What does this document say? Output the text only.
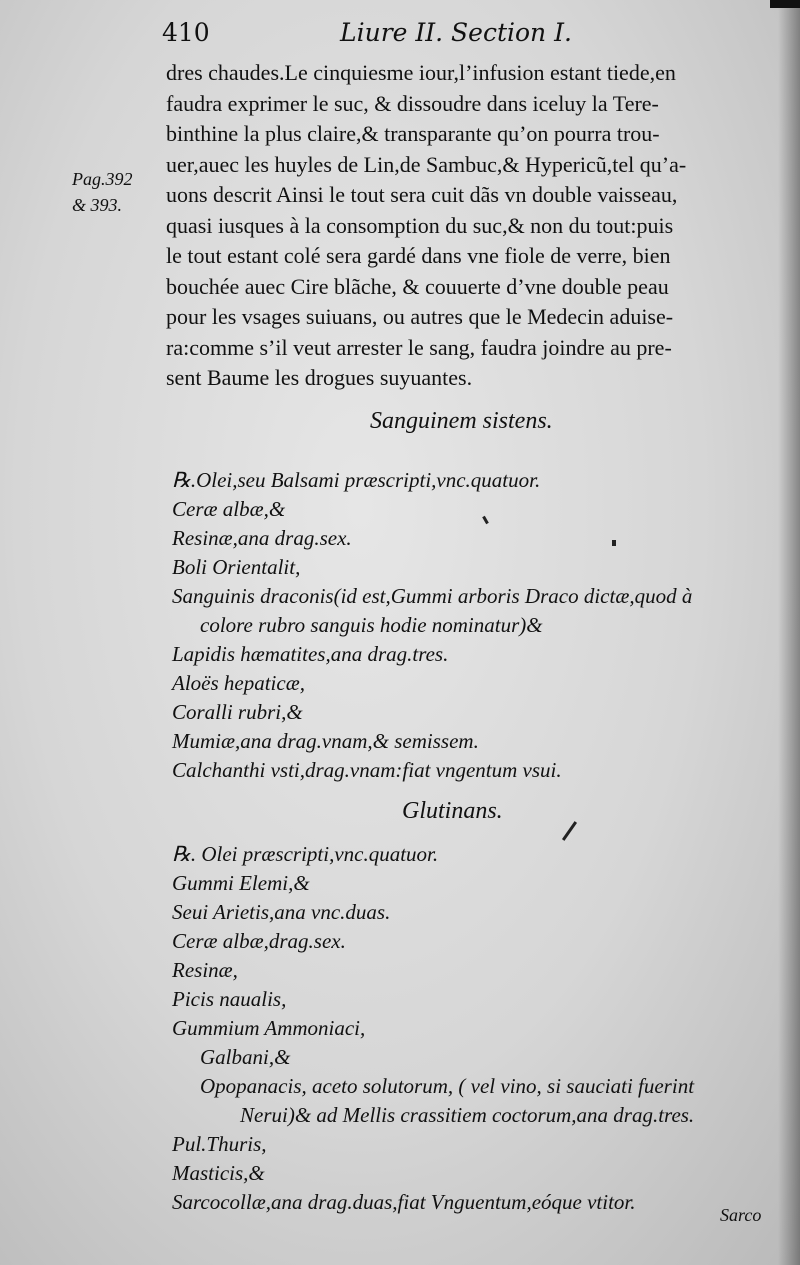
410	Liure II. Section I.
Pag.392
& 393.
dres chaudes.Le cinquiesme iour,l’infusion estant tiede,en
faudra exprimer le suc, & dissoudre dans iceluy la Tere-
binthine la plus claire,& transparante qu’on pourra trou-
uer,auec les huyles de Lin,de Sambuc,& Hypericũ,tel qu’a-
uons descrit Ainsi le tout sera cuit dãs vn double vaisseau,
quasi iusques à la consomption du suc,& non du tout:puis
le tout estant colé sera gardé dans vne fiole de verre, bien
bouchée auec Cire blãche, & couuerte d’vne double peau
pour les vsages suiuans, ou autres que le Medecin aduise-
ra:comme s’il veut arrester le sang, faudra joindre au pre-
sent Baume les drogues suyuantes.
Sanguinem sistens.
℞.Olei,seu Balsami præscripti,vnc.quatuor.
Ceræ albæ,&
Resinæ,ana drag.sex.
Boli Orientalit,
Sanguinis draconis(id est,Gummi arboris Draco dictæ,quod à
colore rubro sanguis hodie nominatur)&
Lapidis hæmatites,ana drag.tres.
Aloës hepaticæ,
Coralli rubri,&
Mumiæ,ana drag.vnam,& semissem.
Calchanthi vsti,drag.vnam:fiat vngentum vsui.
Glutinans.
℞. Olei præscripti,vnc.quatuor.
Gummi Elemi,&
Seui Arietis,ana vnc.duas.
Ceræ albæ,drag.sex.
Resinæ,
Picis naualis,
Gummium Ammoniaci,
Galbani,&
Opopanacis, aceto solutorum, ( vel vino, si sauciati fuerint
Nerui)& ad Mellis crassitiem coctorum,ana drag.tres.
Pul.Thuris,
Masticis,&
Sarcocollæ,ana drag.duas,fiat Vnguentum,eóque vtitor.
Sarco
